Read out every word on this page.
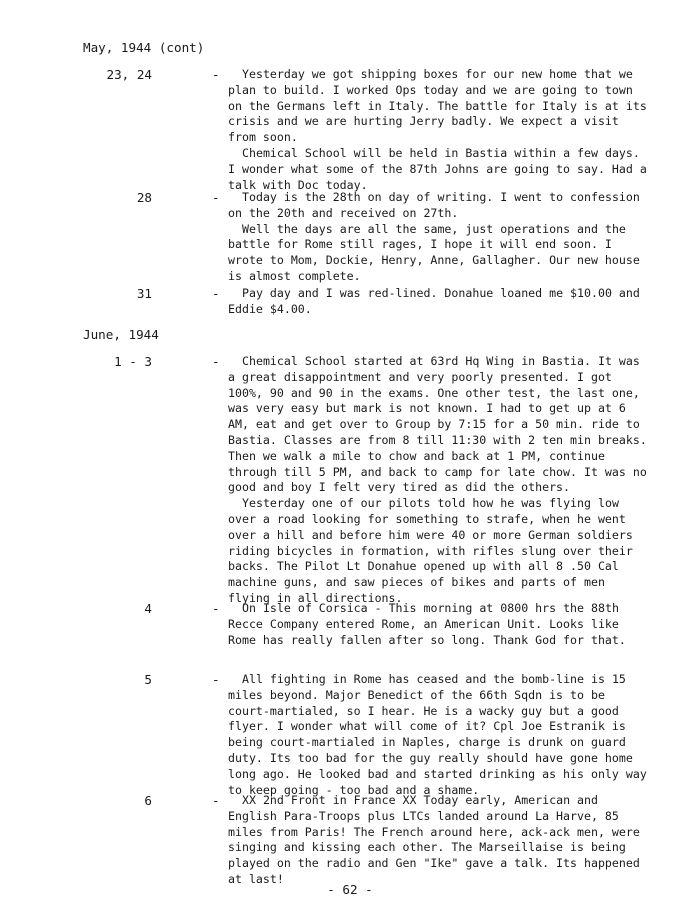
May, 1944 (cont)
23, 24	-	Yesterday we got shipping boxes for our new home that we plan to build. I worked Ops today and we are going to town on the Germans left in Italy. The battle for Italy is at its crisis and we are hurting Jerry badly. We expect a visit from soon.

Chemical School will be held in Bastia within a few days. I wonder what some of the 87th Johns are going to say. Had a talk with Doc today.

28	-	Today is the 28th on day of writing. I went to confession on the 20th and received on 27th.

Well the days are all the same, just operations and the battle for Rome still rages, I hope it will end soon. I wrote to Mom, Dockie, Henry, Anne, Gallagher. Our new house is almost complete.

31	-	Pay day and I was red-lined. Donahue loaned me $10.00 and Eddie $4.00.

June, 1944
1 - 3	-	Chemical School started at 63rd Hq Wing in Bastia. It was a great disappointment and very poorly presented. I got 100%, 90 and 90 in the exams. One other test, the last one, was very easy but mark is not known. I had to get up at 6 AM, eat and get over to Group by 7:15 for a 50 min. ride to Bastia. Classes are from 8 till 11:30 with 2 ten min breaks. Then we walk a mile to chow and back at 1 PM, continue through till 5 PM, and back to camp for late chow. It was no good and boy I felt very tired as did the others.

Yesterday one of our pilots told how he was flying low over a road looking for something to strafe, when he went over a hill and before him were 40 or more German soldiers riding bicycles in formation, with rifles slung over their backs. The Pilot Lt Donahue opened up with all 8 .50 Cal machine guns, and saw pieces of bikes and parts of men flying in all directions.

4	-	On Isle of Corsica - This morning at 0800 hrs the 88th Recce Company entered Rome, an American Unit. Looks like Rome has really fallen after so long. Thank God for that.

5	-	All fighting in Rome has ceased and the bomb-line is 15 miles beyond. Major Benedict of the 66th Sqdn is to be court-martialed, so I hear. He is a wacky guy but a good flyer. I wonder what will come of it? Cpl Joe Estranik is being court-martialed in Naples, charge is drunk on guard duty. Its too bad for the guy really should have gone home long ago. He looked bad and started drinking as his only way to keep going - too bad and a shame.

6	-	XX 2nd Front in France XX Today early, American and English Para-Troops plus LTCs landed around La Harve, 85 miles from Paris! The French around here, ack-ack men, were singing and kissing each other. The Marseillaise is being played on the radio and Gen "Ike" gave a talk. Its happened at last!

- 62 -
